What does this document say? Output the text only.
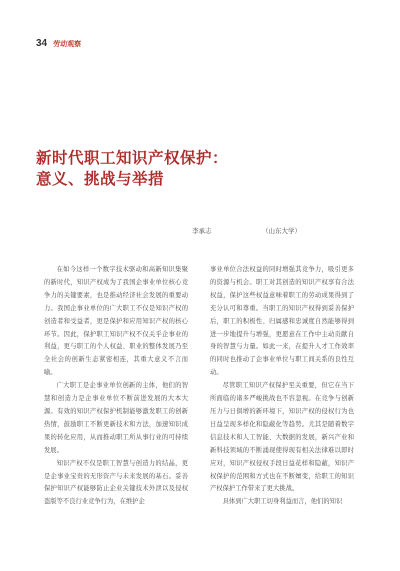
34 劳动观察
新时代职工知识产权保护：
意义、挑战与举措
李承志	（山东大学）

在如今这样一个数字技术驱动和高新知识集聚的新时代，知识产权成为了我国企事业单位核心竞争力的关键要素，也是推动经济社会发展的重要动力。我国企事业单位的广大职工不仅是知识产权的创造者和受益者，更是保护和应用知识产权的核心环节。因此，保护职工知识产权不仅关乎企事业的利益，更与职工的个人权益、职业的整体发展乃至全社会的创新生态紧密相连，其重大意义不言而喻。

广大职工是企事业单位创新的主体，他们的智慧和创造力是企事业单位不断前进发展的大本大源。有效的知识产权保护机制能够激发职工的创新热情，鼓励职工不断更新技术和方法，加速知识成果的转化应用，从而推动职工所从事行业的可持续发展。

知识产权不仅是职工智慧与创造力的结晶，更是企事业宝贵的无形资产与未来发展的基石。妥善保护知识产权能够防止企业关键技术外泄以及侵权盗版等不良行业竞争行为，在维护企

事业单位合法权益的同时增强其竞争力，吸引更多的资源与机会。职工对其创造的知识产权享有合法权益，保护这些权益意味着职工的劳动成果得到了充分认可和尊重。当职工的知识产权得到妥善保护后，职工的积极性、归属感和忠诚度自然能够得到进一步地提升与增强，更愿意在工作中主动贡献自身的智慧与力量。如此一来，在提升人才工作效率的同时也推动了企事业单位与职工间关系的良性互动。

尽管职工知识产权保护至关重要，但它在当下所面临的诸多严峻挑战也不容忽视。在竞争与创新压力与日俱增的新环境下，知识产权的侵权行为也日益呈现多样化和隐蔽化等趋势。尤其是随着数字信息技术和人工智能、大数据的发展，新兴产业和新科技领域的不断涌现使得现有相关法律难以即时应对，知识产权侵权手段日益花样和隐蔽，知识产权保护的范围和方式也在不断嬗变，给职工的知识产权保护工作带来了更大挑战。

具体到广大职工切身利益而言，他们的知识
